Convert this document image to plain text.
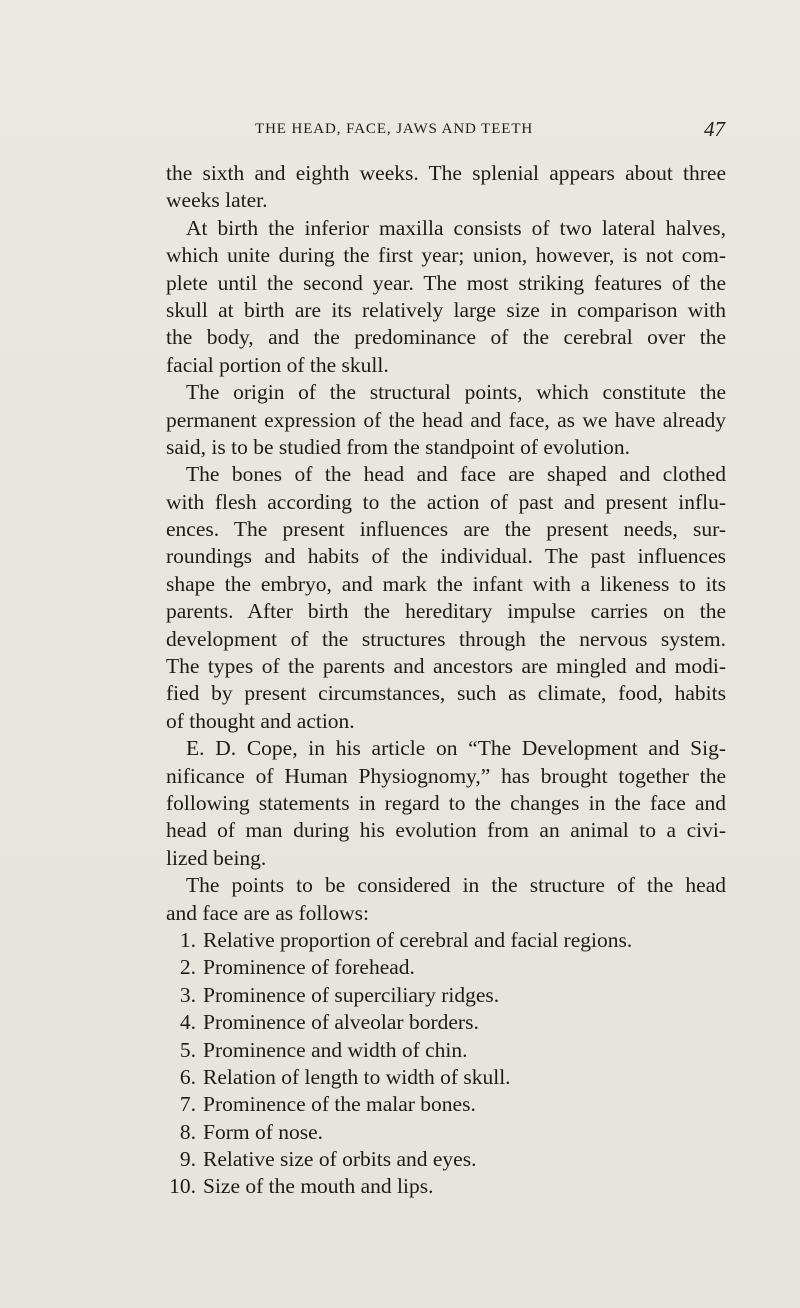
THE HEAD, FACE, JAWS AND TEETH	47
the sixth and eighth weeks. The splenial appears about three
weeks later.
At birth the inferior maxilla consists of two lateral halves,
which unite during the first year; union, however, is not com-
plete until the second year. The most striking features of the
skull at birth are its relatively large size in comparison with
the body, and the predominance of the cerebral over the
facial portion of the skull.
The origin of the structural points, which constitute the
permanent expression of the head and face, as we have already
said, is to be studied from the standpoint of evolution.
The bones of the head and face are shaped and clothed
with flesh according to the action of past and present influ-
ences. The present influences are the present needs, sur-
roundings and habits of the individual. The past influences
shape the embryo, and mark the infant with a likeness to its
parents. After birth the hereditary impulse carries on the
development of the structures through the nervous system.
The types of the parents and ancestors are mingled and modi-
fied by present circumstances, such as climate, food, habits
of thought and action.
E. D. Cope, in his article on “The Development and Sig-
nificance of Human Physiognomy,” has brought together the
following statements in regard to the changes in the face and
head of man during his evolution from an animal to a civi-
lized being.
The points to be considered in the structure of the head
and face are as follows:
1. Relative proportion of cerebral and facial regions.
2. Prominence of forehead.
3. Prominence of superciliary ridges.
4. Prominence of alveolar borders.
5. Prominence and width of chin.
6. Relation of length to width of skull.
7. Prominence of the malar bones.
8. Form of nose.
9. Relative size of orbits and eyes.
10. Size of the mouth and lips.
